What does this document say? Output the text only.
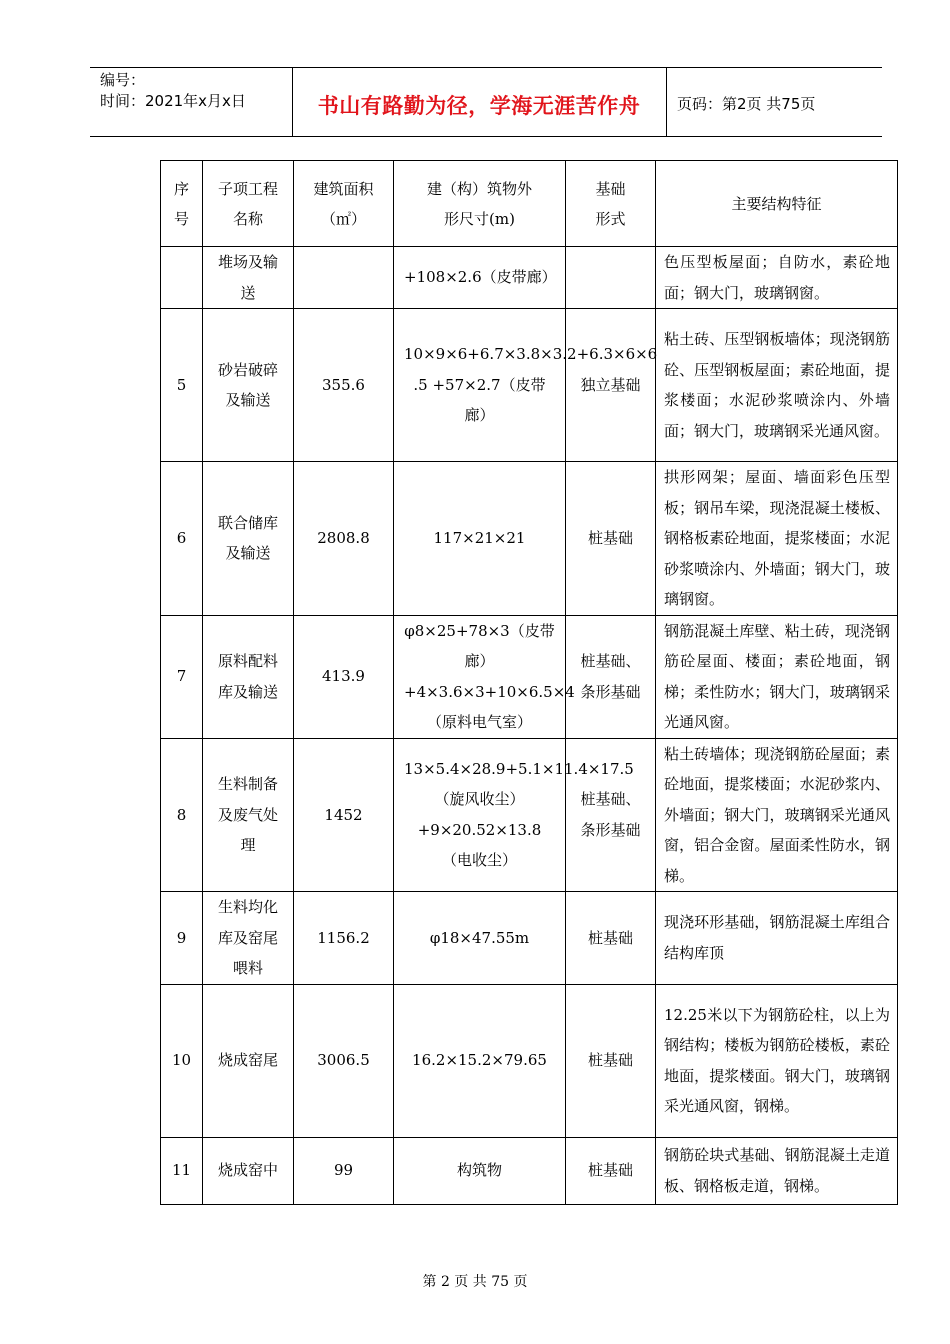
编号：
时间：2021年x月x日	书山有路勤为径，学海无涯苦作舟	页码：第2页 共75页
序号	子项工程名称	建筑面积（㎡）	建（构）筑物外形尺寸(m)	基础形式	主要结构特征
	堆场及输送		+108×2.6（皮带廊）		色压型板屋面；自防水，素砼地面；钢大门，玻璃钢窗。
5	砂岩破碎及输送	355.6	10×9×6+6.7×3.8×3.2+6.3×6×6 .5 +57×2.7（皮带廊）	独立基础	粘土砖、压型钢板墙体；现浇钢筋砼、压型钢板屋面；素砼地面，提浆楼面；水泥砂浆喷涂内、外墙面；钢大门，玻璃钢采光通风窗。
6	联合储库及输送	2808.8	117×21×21	桩基础	拱形网架；屋面、墙面彩色压型板；钢吊车梁，现浇混凝土楼板、钢格板素砼地面，提浆楼面；水泥砂浆喷涂内、外墙面；钢大门，玻璃钢窗。
7	原料配料库及输送	413.9	φ8×25+78×3（皮带廊）+4×3.6×3+10×6.5×4（原料电气室）	桩基础、条形基础	钢筋混凝土库壁、粘土砖，现浇钢筋砼屋面、楼面；素砼地面，钢梯；柔性防水；钢大门，玻璃钢采光通风窗。
8	生料制备及废气处理	1452	13×5.4×28.9+5.1×11.4×17.5（旋风收尘）+9×20.52×13.8（电收尘）	桩基础、条形基础	粘土砖墙体；现浇钢筋砼屋面；素砼地面，提浆楼面；水泥砂浆内、外墙面；钢大门，玻璃钢采光通风窗，铝合金窗。屋面柔性防水，钢梯。
9	生料均化库及窑尾喂料	1156.2	φ18×47.55m	桩基础	现浇环形基础，钢筋混凝土库组合结构库顶
10	烧成窑尾	3006.5	16.2×15.2×79.65	桩基础	12.25米以下为钢筋砼柱，以上为钢结构；楼板为钢筋砼楼板，素砼地面，提浆楼面。钢大门，玻璃钢采光通风窗，钢梯。
11	烧成窑中	99	构筑物	桩基础	钢筋砼块式基础、钢筋混凝土走道板、钢格板走道，钢梯。
第 2 页 共 75 页
